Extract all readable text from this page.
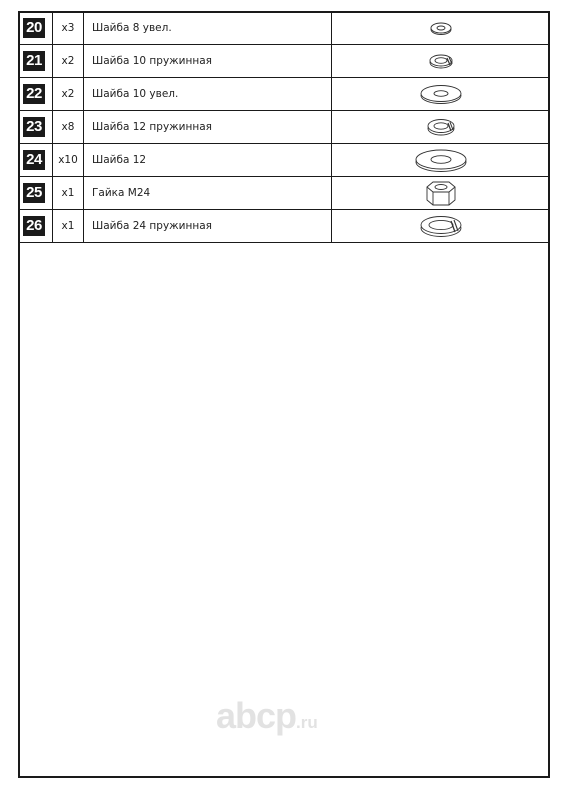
20	x3	Шайба 8 увел.	

21	x2	Шайба 10 пружинная	

22	x2	Шайба 10 увел.	

23	x8	Шайба 12 пружинная	

24	x10	Шайба 12	

25	x1	Гайка М24	

26	x1	Шайба 24 пружинная	
abcp.ru
